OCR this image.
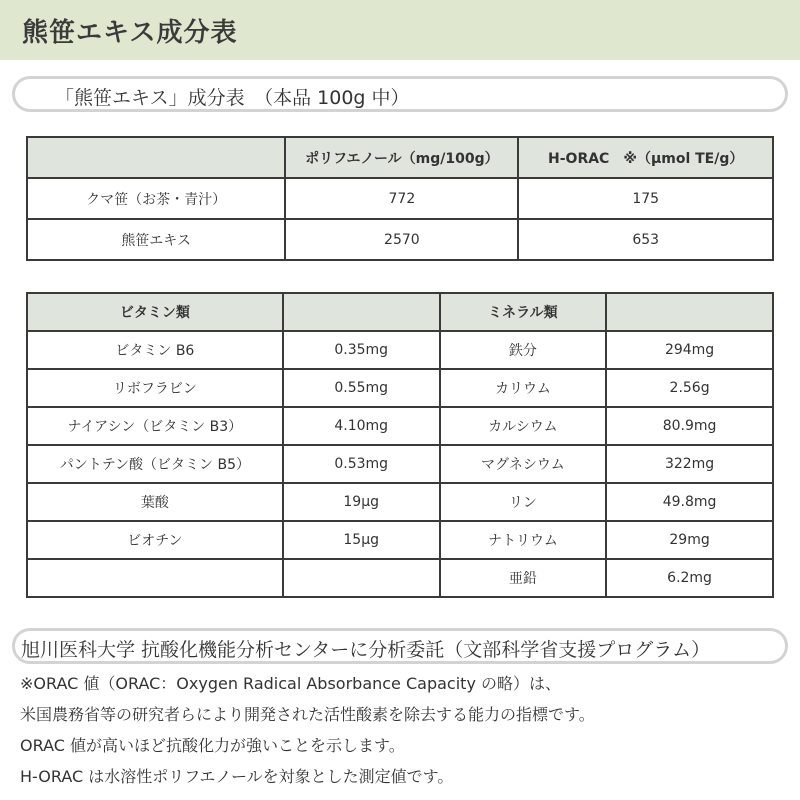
熊笹エキス成分表
「熊笹エキス」成分表　（本品 100g 中）
	ポリフエノール（mg/100g）	H-ORAC　※（μmol TE/g）
クマ笹（お茶・青汁）	772	175
熊笹エキス	2570	653
ビタミン類		ミネラル類	
ビタミン B6	0.35mg	鉄分	294mg
リボフラビン	0.55mg	カリウム	2.56g
ナイアシン（ビタミン B3）	4.10mg	カルシウム	80.9mg
パントテン酸（ビタミン B5）	0.53mg	マグネシウム	322mg
葉酸	19μg	リン	49.8mg
ビオチン	15μg	ナトリウム	29mg
		亜鉛	6.2mg
旭川医科大学 抗酸化機能分析センターに分析委託（文部科学省支援プログラム）
※ORAC 値（ORAC：Oxygen Radical Absorbance Capacity の略）は、
米国農務省等の研究者らにより開発された活性酸素を除去する能力の指標です。
ORAC 値が高いほど抗酸化力が強いことを示します。
H-ORAC は水溶性ポリフエノールを対象とした測定値です。
